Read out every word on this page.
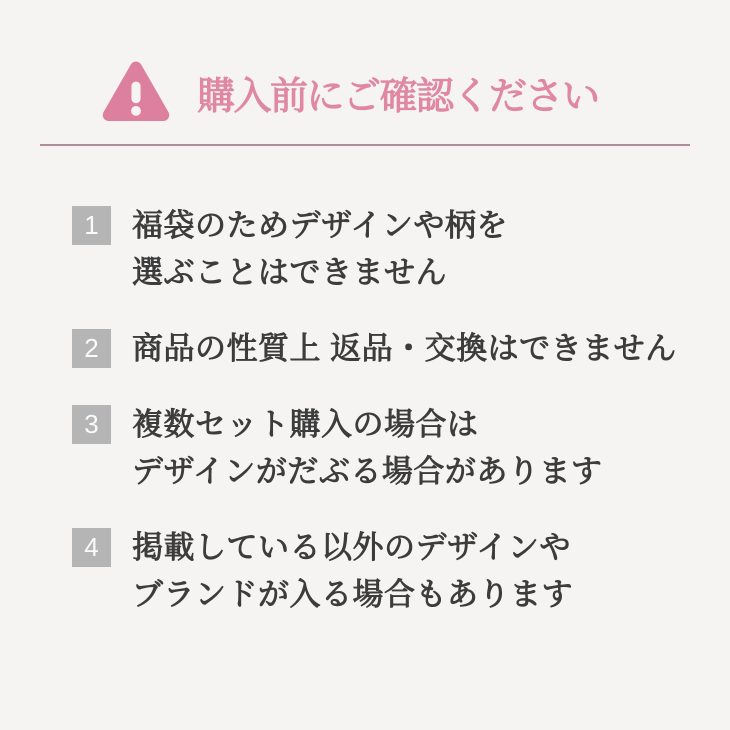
購入前にご確認ください
1	福袋のためデザインや柄を
選ぶことはできません
2	商品の性質上 返品・交換はできません
3	複数セット購入の場合は
デザインがだぶる場合があります
4	掲載している以外のデザインや
ブランドが入る場合もあります
